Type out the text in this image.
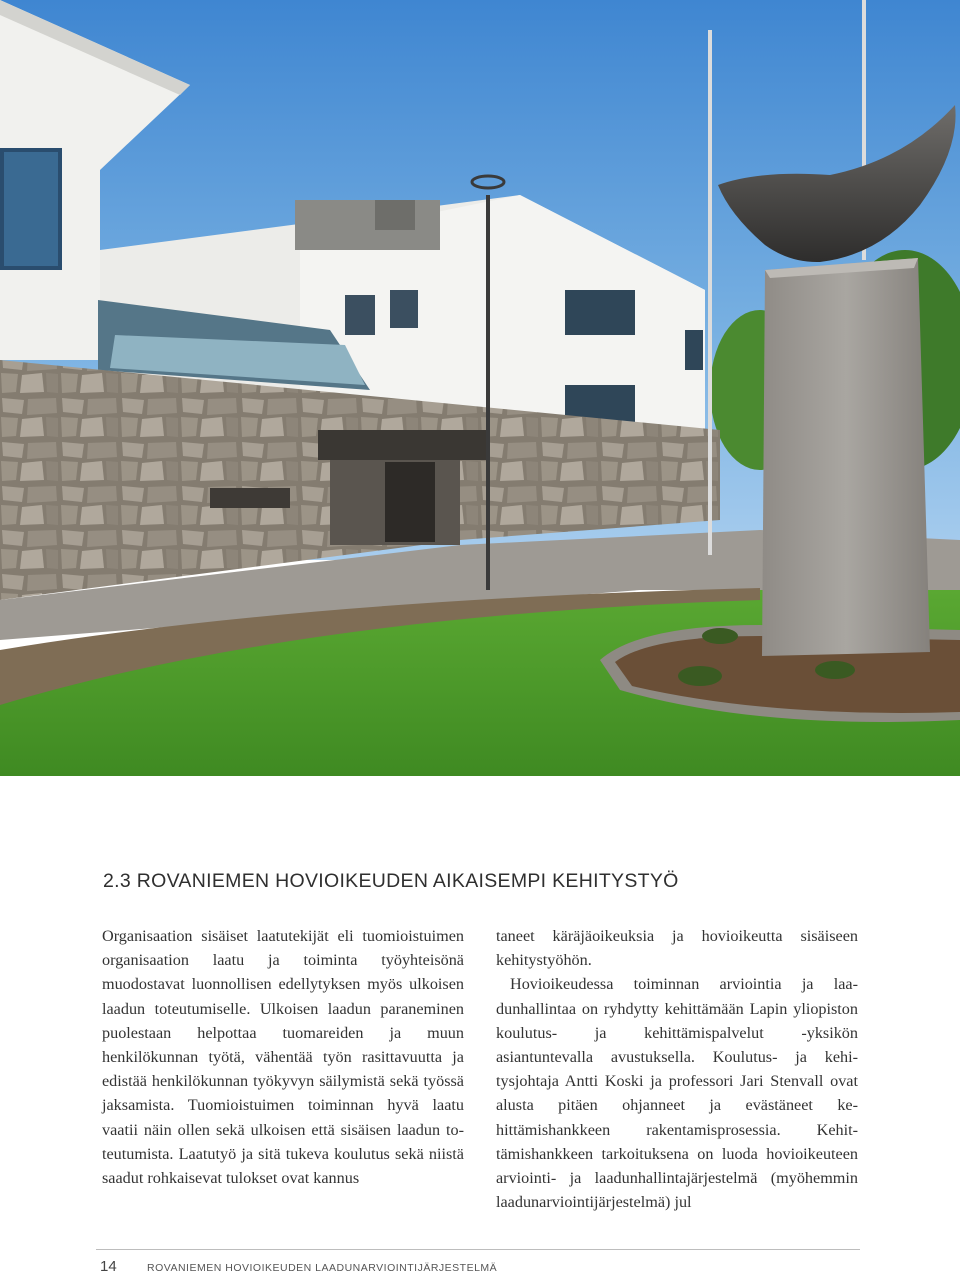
2.3 ROVANIEMEN HOVIOIKEUDEN AIKAISEMPI KEHITYSTYÖ

Organisaation sisäiset laatutekijät eli tuomioistuimen organisaation laatu ja toiminta työyhteisönä muodostavat luonnollisen edellytyksen myös ulkoisen laadun toteutumiselle. Ulkoisen laadun paraneminen puolestaan helpottaa tuomareiden ja muun henkilökunnan työtä, vähentää työn rasittavuutta ja edistää henkilökunnan työkyvyn säilymistä sekä työssä jaksamista. Tuomioistuimen toiminnan hyvä laatu vaatii näin ollen sekä ulkoisen että sisäisen laadun toteutumista. Laatutyö ja sitä tukeva koulutus sekä niistä saadut rohkaisevat tulokset ovat kannus

taneet käräjäoikeuksia ja hovioikeutta sisäiseen kehitystyöhön.

Hovioikeudessa toiminnan arviointia ja laadunhallintaa on ryhdytty kehittämään Lapin yliopiston koulutus- ja kehittämispalvelut -yksikön asiantuntevalla avustuksella. Koulutus- ja kehitysjohtaja Antti Koski ja professori Jari Stenvall ovat alusta pitäen ohjanneet ja evästäneet kehittämishankkeen rakentamisprosessia. Kehittämishankkeen tarkoituksena on luoda hovioikeuteen arviointi- ja laadunhallintajärjestelmä (myöhemmin laadunarviointijärjestelmä) jul

14	ROVANIEMEN HOVIOIKEUDEN LAADUNARVIOINTIJÄRJESTELMÄ
